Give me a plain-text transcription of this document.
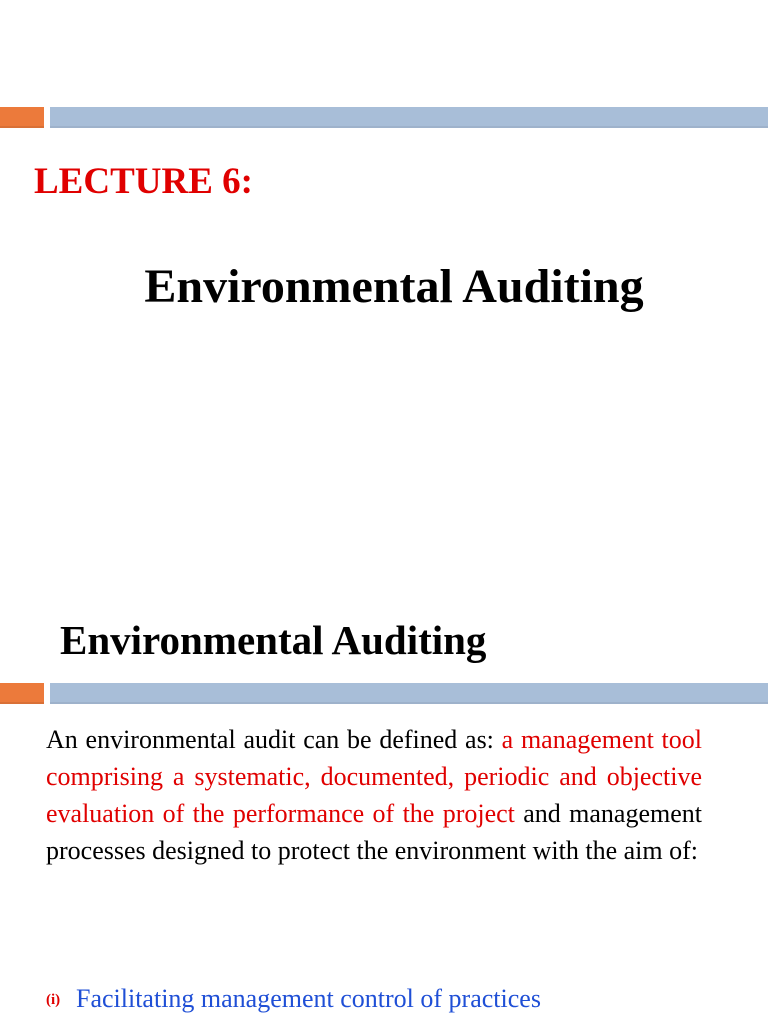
LECTURE 6:
Environmental Auditing
Environmental Auditing

An environmental audit can be defined as: a management tool comprising a systematic, documented, periodic and objective evaluation of the performance of the project and management processes designed to protect the environment with the aim of:

(i) Facilitating management control of practices
